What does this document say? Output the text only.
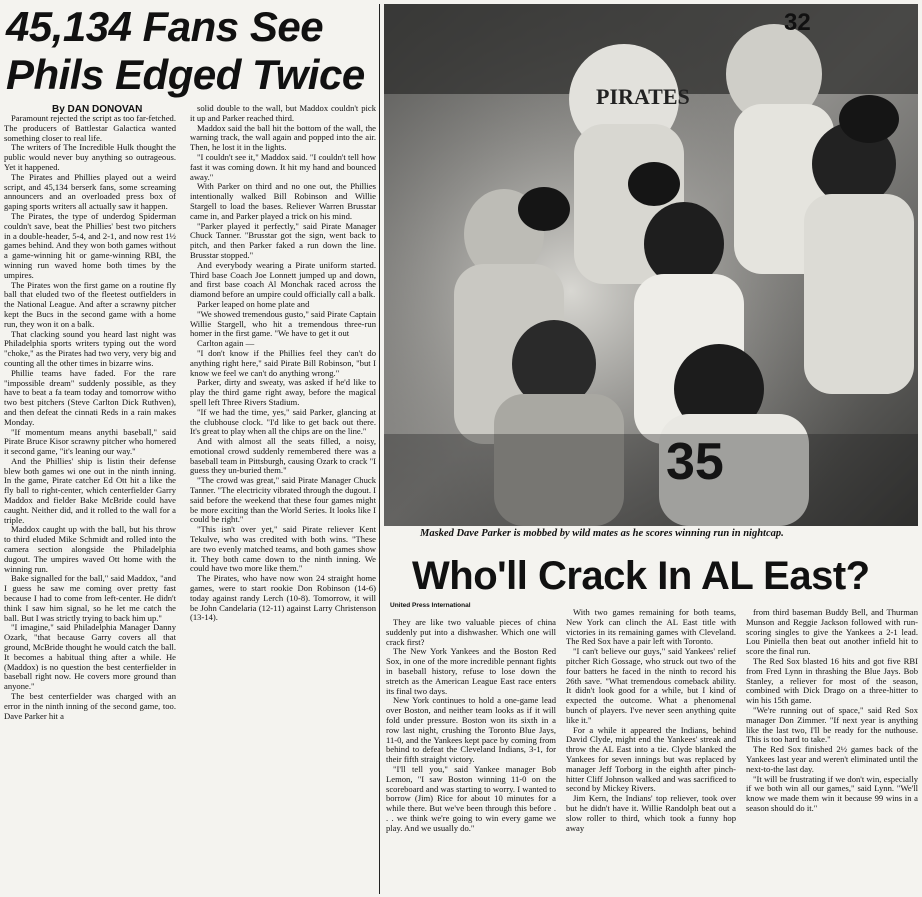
45,134 Fans See
Phils Edged Twice
By DAN DONOVAN

Paramount rejected the script as too far-fetched. The producers of Battlestar Galactica wanted something closer to real life.

The writers of The Incredible Hulk thought the public would never buy anything so outrageous. Yet it happened.

The Pirates and Phillies played out a weird script, and 45,134 berserk fans, some screaming announcers and an overloaded press box of gaping sports writers all actually saw it happen.

The Pirates, the type of underdog Spiderman couldn't save, beat the Phillies' best two pitchers in a double-header, 5-4, and 2-1, and now rest 1½ games behind. And they won both games without a game-winning hit or game-winning RBI, the winning run waved home both times by the umpires.

The Pirates won the first game on a routine fly ball that eluded two of the fleetest outfielders in the National League. And after a scrawny pitcher kept the Bucs in the second game with a home run, they won it on a balk.

That clacking sound you heard last night was Philadelphia sports writers typing out the word "choke," as the Pirates had two very, very big and counting all the other times in bizarre wins.

Phillie teams have faded. For the rare "impossible dream" suddenly possible, as they have to beat a fa team today and tomorrow witho two best pitchers (Steve Carlton Dick Ruthven), and then defeat the cinnati Reds in a rain makes Monday.

"If momentum means anythi baseball," said Pirate Bruce Kisor scrawny pitcher who homered it second game, "it's leaning our way."

And the Phillies' ship is listin their defense blew both games wi one out in the ninth inning. In the game, Pirate catcher Ed Ott hit a like the fly ball to right-center, which centerfielder Garry Maddox and fielder Bake McBride could have caught. Neither did, and it rolled to the wall for a triple.

Maddox caught up with the ball, but his throw to third eluded Mike Schmidt and rolled into the camera section alongside the Philadelphia dugout. The umpires waved Ott home with the winning run.

Bake signalled for the ball," said Maddox, "and I guess he saw me coming over pretty fast because I had to come from left-center. He didn't think I saw him signal, so he let me catch the ball. But I was strictly trying to back him up."

"I imagine," said Philadelphia Manager Danny Ozark, "that because Garry covers all that ground, McBride thought he would catch the ball. It becomes a habitual thing after a while. He (Maddox) is no question the best centerfielder in baseball right now. He covers more ground than anyone."

The best centerfielder was charged with an error in the ninth inning of the second game, too. Dave Parker hit a

solid double to the wall, but Maddox couldn't pick it up and Parker reached third.

Maddox said the ball hit the bottom of the wall, the warning track, the wall again and popped into the air. Then, he lost it in the lights.

"I couldn't see it," Maddox said. "I couldn't tell how fast it was coming down. It hit my hand and bounced away."

With Parker on third and no one out, the Phillies intentionally walked Bill Robinson and Willie Stargell to load the bases. Reliever Warren Brusstar came in, and Parker played a trick on his mind.

"Parker played it perfectly," said Pirate Manager Chuck Tanner. "Brusstar got the sign, went back to pitch, and then Parker faked a run down the line. Brusstar stopped."

And everybody wearing a Pirate uniform started. Third base Coach Joe Lonnett jumped up and down, and first base coach Al Monchak raced across the diamond before an umpire could officially call a balk.

Parker leaped on home plate and

"We showed tremendous gusto," said Pirate Captain Willie Stargell, who hit a tremendous three-run homer in the first game. "We have to get it out

Carlton again —

"I don't know if the Phillies feel they can't do anything right here," said Pirate Bill Robinson, "but I know we feel we can't do anything wrong."

Parker, dirty and sweaty, was asked if he'd like to play the third game right away, before the magical spell left Three Rivers Stadium.

"If we had the time, yes," said Parker, glancing at the clubhouse clock. "I'd like to get back out there. It's great to play when all the chips are on the line."

And with almost all the seats filled, a noisy, emotional crowd suddenly remembered there was a baseball team in Pittsburgh, causing Ozark to crack "I guess they un-buried them."

"The crowd was great," said Pirate Manager Chuck Tanner. "The electricity vibrated through the dugout. I said before the weekend that these four games might be more exciting than the World Series. It looks like I could be right."

"This isn't over yet," said Pirate reliever Kent Tekulve, who was credited with both wins. "These are two evenly matched teams, and both games show it. They both came down to the ninth inning. We could have two more like them."

The Pirates, who have now won 24 straight home games, were to start rookie Don Robinson (14-6) today against randy Lerch (10-8). Tomorrow, it will be John Candelaria (12-11) against Larry Christenson (13-14).

PIRATES
32
35
Masked Dave Parker is mobbed by wild mates as he scores winning run in nightcap.
Who'll Crack In AL East?
United Press International

They are like two valuable pieces of china suddenly put into a dishwasher. Which one will crack first?

The New York Yankees and the Boston Red Sox, in one of the more incredible pennant fights in baseball history, refuse to lose down the stretch as the American League East race enters its final two days.

New York continues to hold a one-game lead over Boston, and neither team looks as if it will fold under pressure. Boston won its sixth in a row last night, crushing the Toronto Blue Jays, 11-0, and the Yankees kept pace by coming from behind to defeat the Cleveland Indians, 3-1, for their fifth straight victory.

"I'll tell you," said Yankee manager Bob Lemon, "I saw Boston winning 11-0 on the scoreboard and was starting to worry. I wanted to borrow (Jim) Rice for about 10 minutes for a while there. But we've been through this before . . . we think we're going to win every game we play. And we usually do."

With two games remaining for both teams, New York can clinch the AL East title with victories in its remaining games with Cleveland. The Red Sox have a pair left with Toronto.

"I can't believe our guys," said Yankees' relief pitcher Rich Gossage, who struck out two of the four batters he faced in the ninth to record his 26th save. "What tremendous comeback ability. It didn't look good for a while, but I kind of expected the outcome. What a phenomenal bunch of players. I've never seen anything quite like it."

For a while it appeared the Indians, behind David Clyde, might end the Yankees' streak and throw the AL East into a tie. Clyde blanked the Yankees for seven innings but was replaced by manager Jeff Torborg in the eighth after pinch-hitter Cliff Johnson walked and was sacrificed to second by Mickey Rivers.

Jim Kern, the Indians' top reliever, took over but he didn't have it. Willie Randolph beat out a slow roller to third, which took a funny hop away

from third baseman Buddy Bell, and Thurman Munson and Reggie Jackson followed with run-scoring singles to give the Yankees a 2-1 lead. Lou Piniella then beat out another infield hit to score the final run.

The Red Sox blasted 16 hits and got five RBI from Fred Lynn in thrashing the Blue Jays. Bob Stanley, a reliever for most of the season, combined with Dick Drago on a three-hitter to win his 15th game.

"We're running out of space," said Red Sox manager Don Zimmer. "If next year is anything like the last two, I'll be ready for the nuthouse. This is too hard to take."

The Red Sox finished 2½ games back of the Yankees last year and weren't eliminated until the next-to-the last day.

"It will be frustrating if we don't win, especially if we both win all our games," said Lynn. "We'll know we made them win it because 99 wins in a season should do it."
